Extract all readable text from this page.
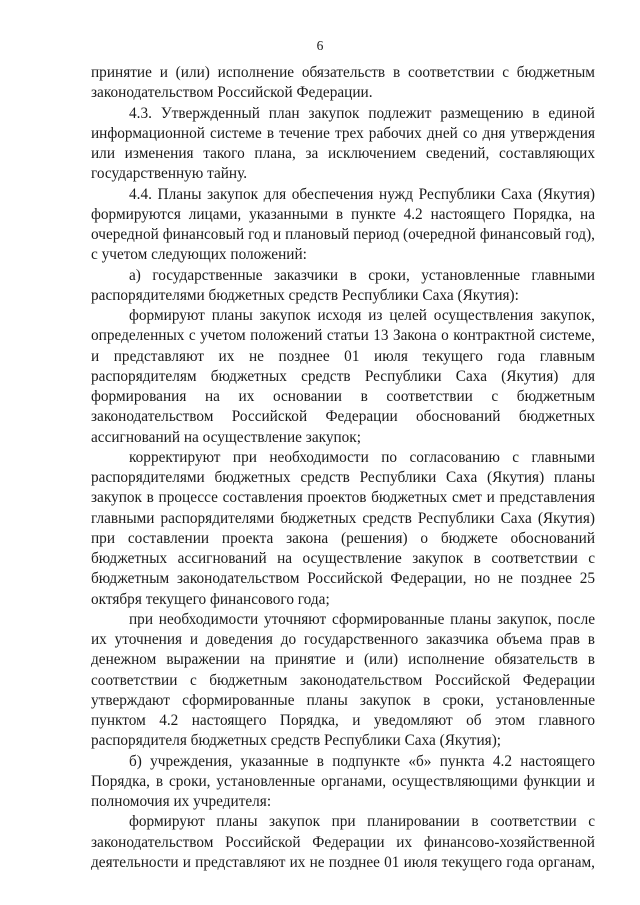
6

принятие и (или) исполнение обязательств в соответствии с бюджетным законодательством Российской Федерации.

4.3. Утвержденный план закупок подлежит размещению в единой информационной системе в течение трех рабочих дней со дня утверждения или изменения такого плана, за исключением сведений, составляющих государственную тайну.

4.4. Планы закупок для обеспечения нужд Республики Саха (Якутия) формируются лицами, указанными в пункте 4.2 настоящего Порядка, на очередной финансовый год и плановый период (очередной финансовый год), с учетом следующих положений:

а) государственные заказчики в сроки, установленные главными распорядителями бюджетных средств Республики Саха (Якутия):

формируют планы закупок исходя из целей осуществления закупок, определенных с учетом положений статьи 13 Закона о контрактной системе, и представляют их не позднее 01 июля текущего года главным распорядителям бюджетных средств Республики Саха (Якутия) для формирования на их основании в соответствии с бюджетным законодательством Российской Федерации обоснований бюджетных ассигнований на осуществление закупок;

корректируют при необходимости по согласованию с главными распорядителями бюджетных средств Республики Саха (Якутия) планы закупок в процессе составления проектов бюджетных смет и представления главными распорядителями бюджетных средств Республики Саха (Якутия) при составлении проекта закона (решения) о бюджете обоснований бюджетных ассигнований на осуществление закупок в соответствии с бюджетным законодательством Российской Федерации, но не позднее 25 октября текущего финансового года;

при необходимости уточняют сформированные планы закупок, после их уточнения и доведения до государственного заказчика объема прав в денежном выражении на принятие и (или) исполнение обязательств в соответствии с бюджетным законодательством Российской Федерации утверждают сформированные планы закупок в сроки, установленные пунктом 4.2 настоящего Порядка, и уведомляют об этом главного распорядителя бюджетных средств Республики Саха (Якутия);

б) учреждения, указанные в подпункте «б» пункта 4.2 настоящего Порядка, в сроки, установленные органами, осуществляющими функции и полномочия их учредителя:

формируют планы закупок при планировании в соответствии с законодательством Российской Федерации их финансово-хозяйственной деятельности и представляют их не позднее 01 июля текущего года органам,
